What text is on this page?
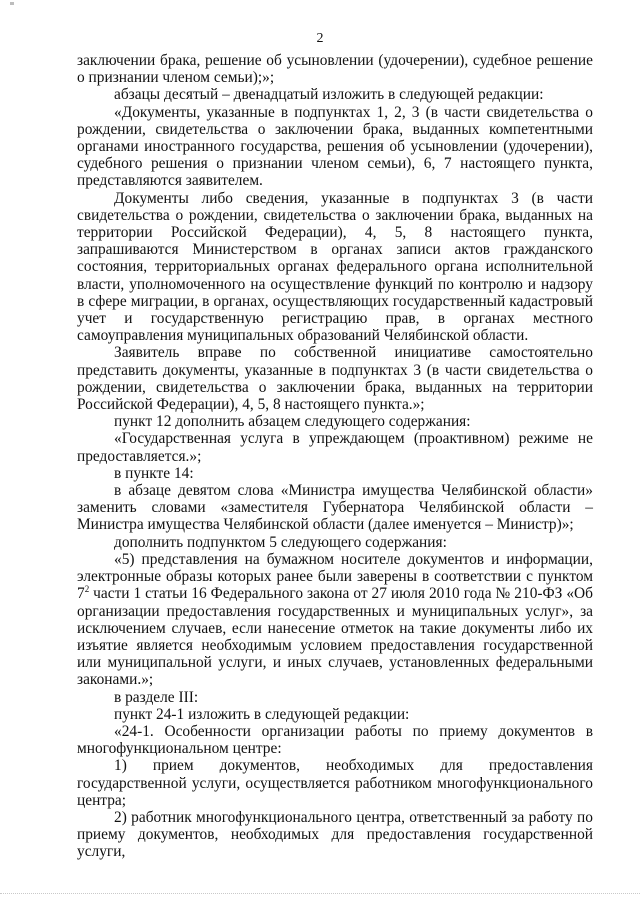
2

заключении брака, решение об усыновлении (удочерении), судебное решение о признании членом семьи);»;

абзацы десятый – двенадцатый изложить в следующей редакции:

«Документы, указанные в подпунктах 1, 2, 3 (в части свидетельства о рождении, свидетельства о заключении брака, выданных компетентными органами иностранного государства, решения об усыновлении (удочерении), судебного решения о признании членом семьи), 6, 7 настоящего пункта, представляются заявителем.

Документы либо сведения, указанные в подпунктах 3 (в части свидетельства о рождении, свидетельства о заключении брака, выданных на территории Российской Федерации), 4, 5, 8 настоящего пункта, запрашиваются Министерством в органах записи актов гражданского состояния, территориальных органах федерального органа исполнительной власти, уполномоченного на осуществление функций по контролю и надзору в сфере миграции, в органах, осуществляющих государственный кадастровый учет и государственную регистрацию прав, в органах местного самоуправления муниципальных образований Челябинской области.

Заявитель вправе по собственной инициативе самостоятельно представить документы, указанные в подпунктах 3 (в части свидетельства о рождении, свидетельства о заключении брака, выданных на территории Российской Федерации), 4, 5, 8 настоящего пункта.»;

пункт 12 дополнить абзацем следующего содержания:

«Государственная услуга в упреждающем (проактивном) режиме не предоставляется.»;

в пункте 14:

в абзаце девятом слова «Министра имущества Челябинской области» заменить словами «заместителя Губернатора Челябинской области – Министра имущества Челябинской области (далее именуется – Министр)»;

дополнить подпунктом 5 следующего содержания:

«5) представления на бумажном носителе документов и информации, электронные образы которых ранее были заверены в соответствии с пунктом $7^2$ части 1 статьи 16 Федерального закона от 27 июля 2010 года № 210-ФЗ «Об организации предоставления государственных и муниципальных услуг», за исключением случаев, если нанесение отметок на такие документы либо их изъятие является необходимым условием предоставления государственной или муниципальной услуги, и иных случаев, установленных федеральными законами.»;

в разделе III:

пункт 24-1 изложить в следующей редакции:

«24-1. Особенности организации работы по приему документов в многофункциональном центре:

1) прием документов, необходимых для предоставления государственной услуги, осуществляется работником многофункционального центра;

2) работник многофункционального центра, ответственный за работу по приему документов, необходимых для предоставления государственной услуги,
